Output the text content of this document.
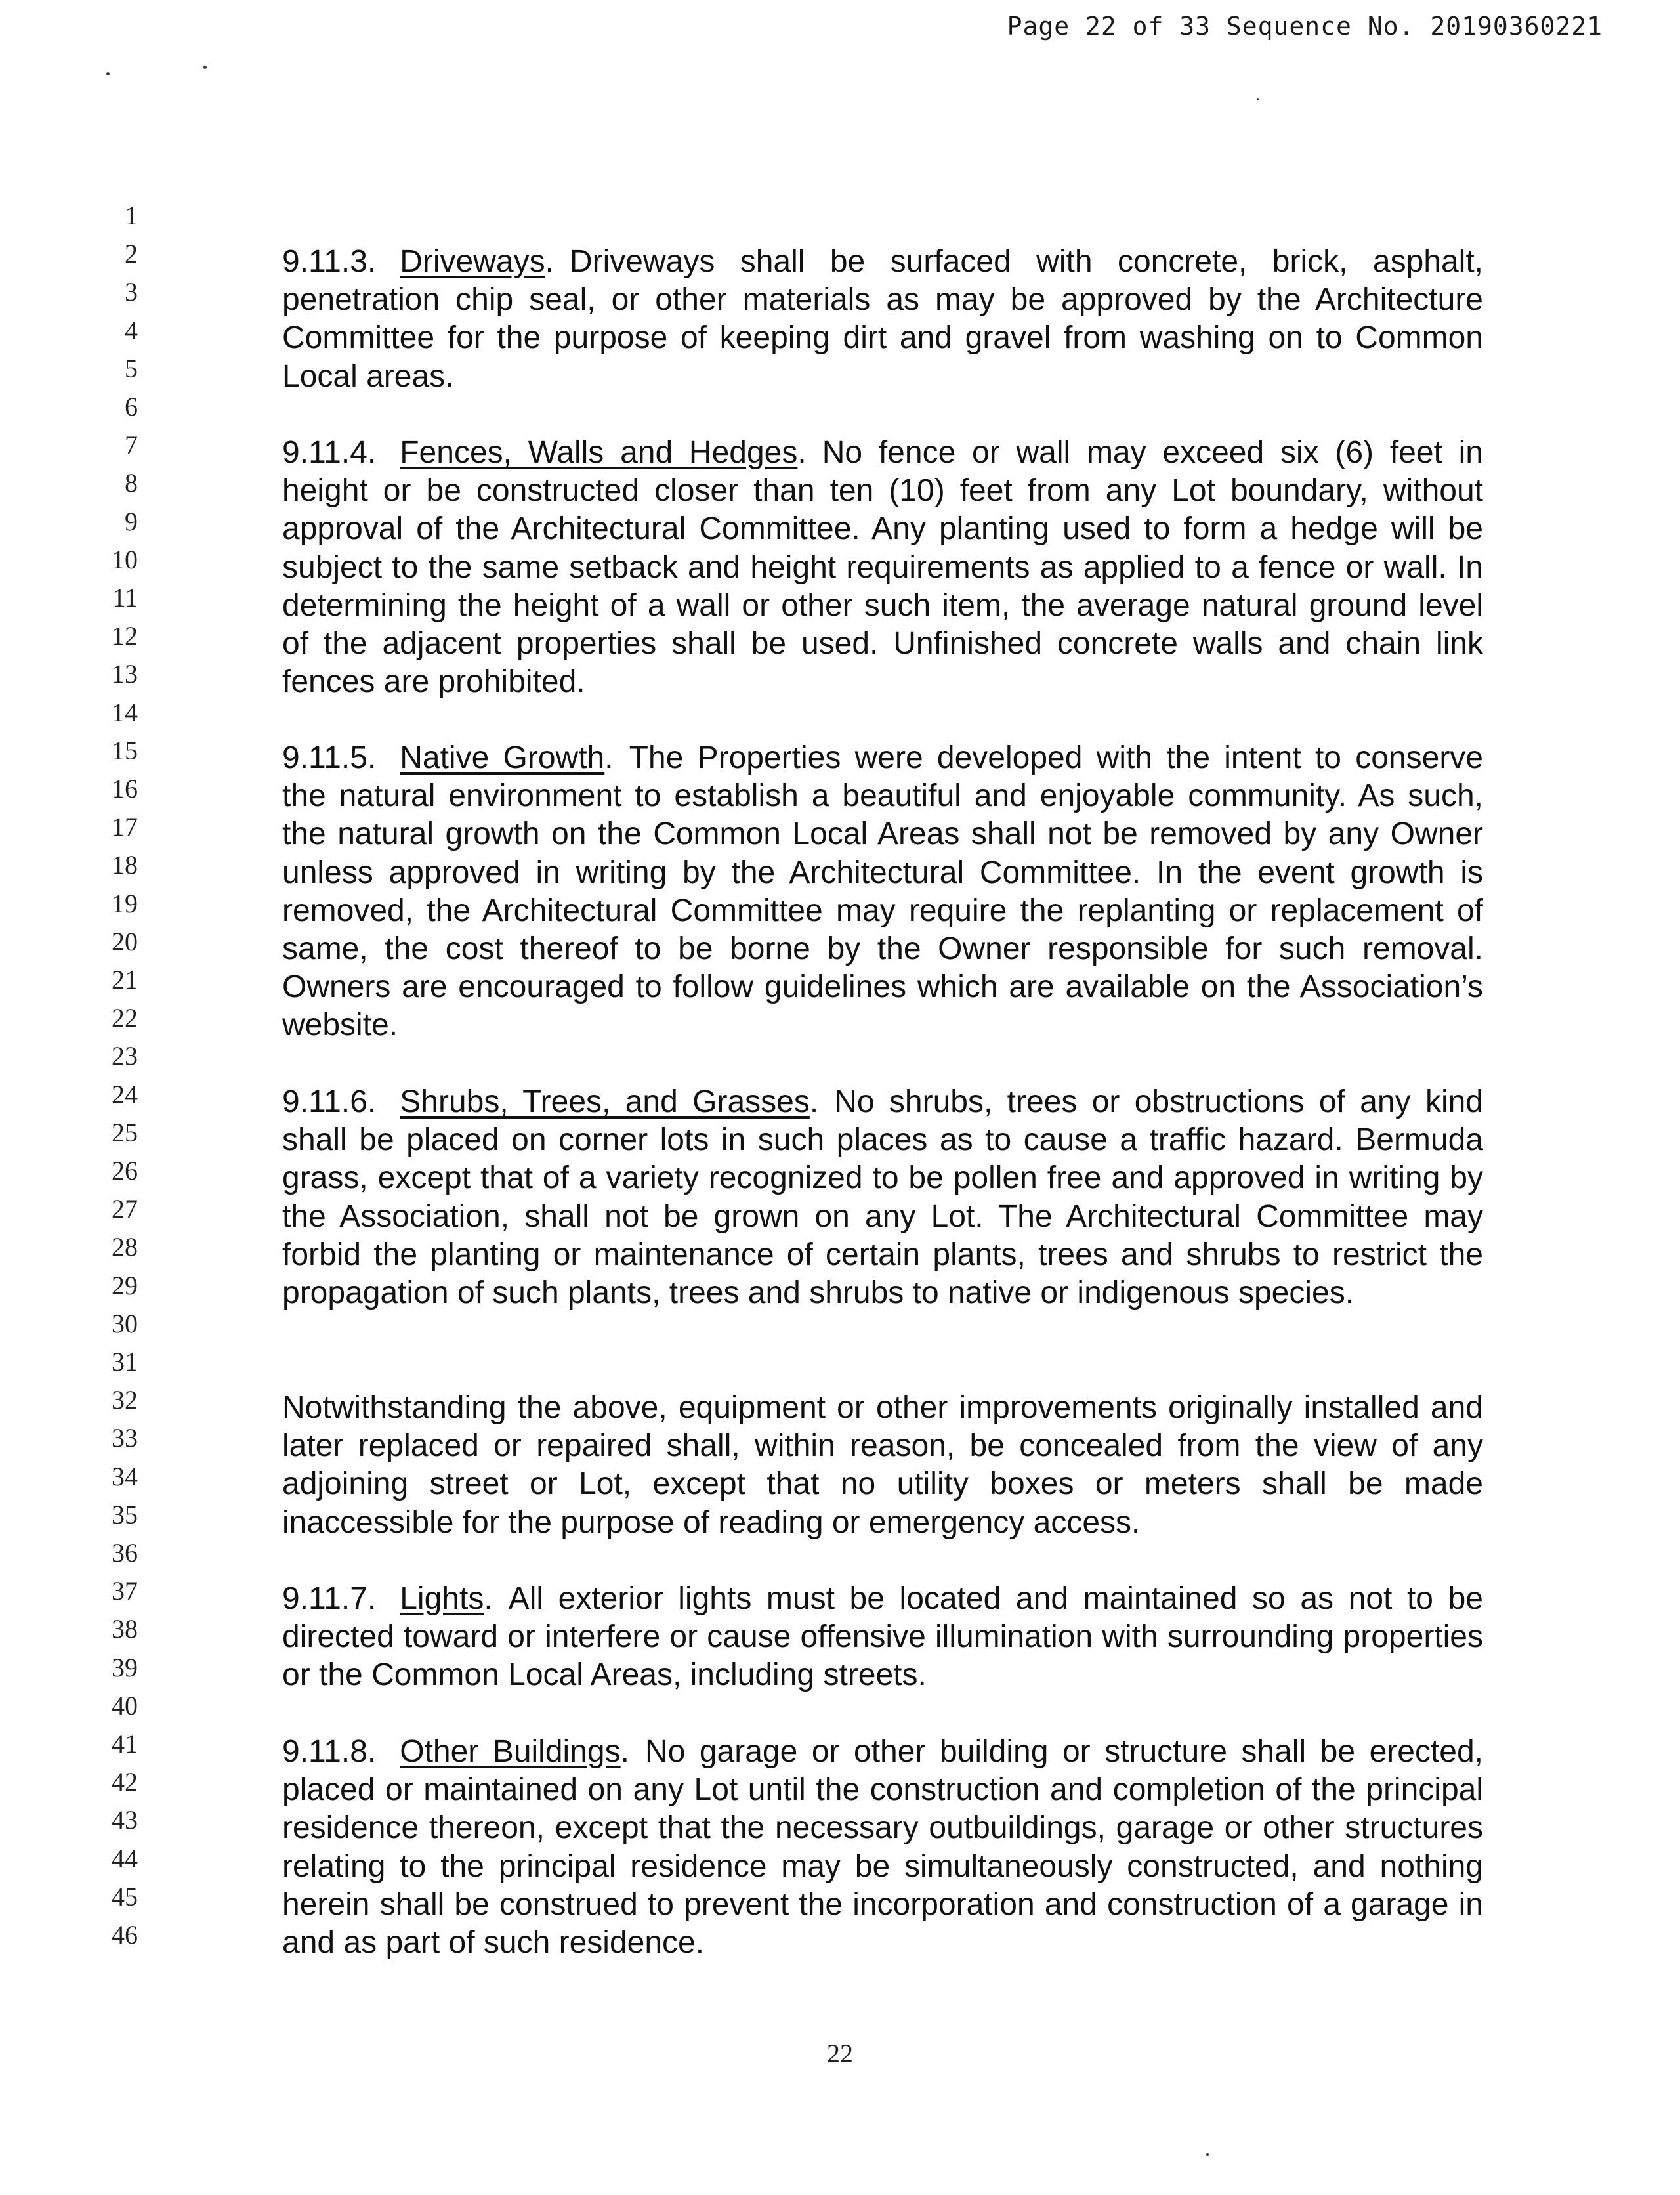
Page 22 of 33 Sequence No. 20190360221
1
2
3
4
5
6
7
8
9
10
11
12
13
14
15
16
17
18
19
20
21
22
23
24
25
26
27
28
29
30
31
32
33
34
35
36
37
38
39
40
41
42
43
44
45
46

9.11.3. Driveways. Driveways shall be surfaced with concrete, brick, asphalt, penetration chip seal, or other materials as may be approved by the Architecture Committee for the purpose of keeping dirt and gravel from washing on to Common Local areas.

9.11.4. Fences, Walls and Hedges. No fence or wall may exceed six (6) feet in height or be constructed closer than ten (10) feet from any Lot boundary, without approval of the Architectural Committee. Any planting used to form a hedge will be subject to the same setback and height requirements as applied to a fence or wall. In determining the height of a wall or other such item, the average natural ground level of the adjacent properties shall be used. Unfinished concrete walls and chain link fences are prohibited.

9.11.5. Native Growth. The Properties were developed with the intent to conserve the natural environment to establish a beautiful and enjoyable community. As such, the natural growth on the Common Local Areas shall not be removed by any Owner unless approved in writing by the Architectural Committee. In the event growth is removed, the Architectural Committee may require the replanting or replacement of same, the cost thereof to be borne by the Owner responsible for such removal. Owners are encouraged to follow guidelines which are available on the Association’s website.

9.11.6. Shrubs, Trees, and Grasses. No shrubs, trees or obstructions of any kind shall be placed on corner lots in such places as to cause a traffic hazard. Bermuda grass, except that of a variety recognized to be pollen free and approved in writing by the Association, shall not be grown on any Lot. The Architectural Committee may forbid the planting or maintenance of certain plants, trees and shrubs to restrict the propagation of such plants, trees and shrubs to native or indigenous species.

Notwithstanding the above, equipment or other improvements originally installed and later replaced or repaired shall, within reason, be concealed from the view of any adjoining street or Lot, except that no utility boxes or meters shall be made inaccessible for the purpose of reading or emergency access.

9.11.7. Lights. All exterior lights must be located and maintained so as not to be directed toward or interfere or cause offensive illumination with surrounding properties or the Common Local Areas, including streets.

9.11.8. Other Buildings. No garage or other building or structure shall be erected, placed or maintained on any Lot until the construction and completion of the principal residence thereon, except that the necessary outbuildings, garage or other structures relating to the principal residence may be simultaneously constructed, and nothing herein shall be construed to prevent the incorporation and construction of a garage in and as part of such residence.

22
